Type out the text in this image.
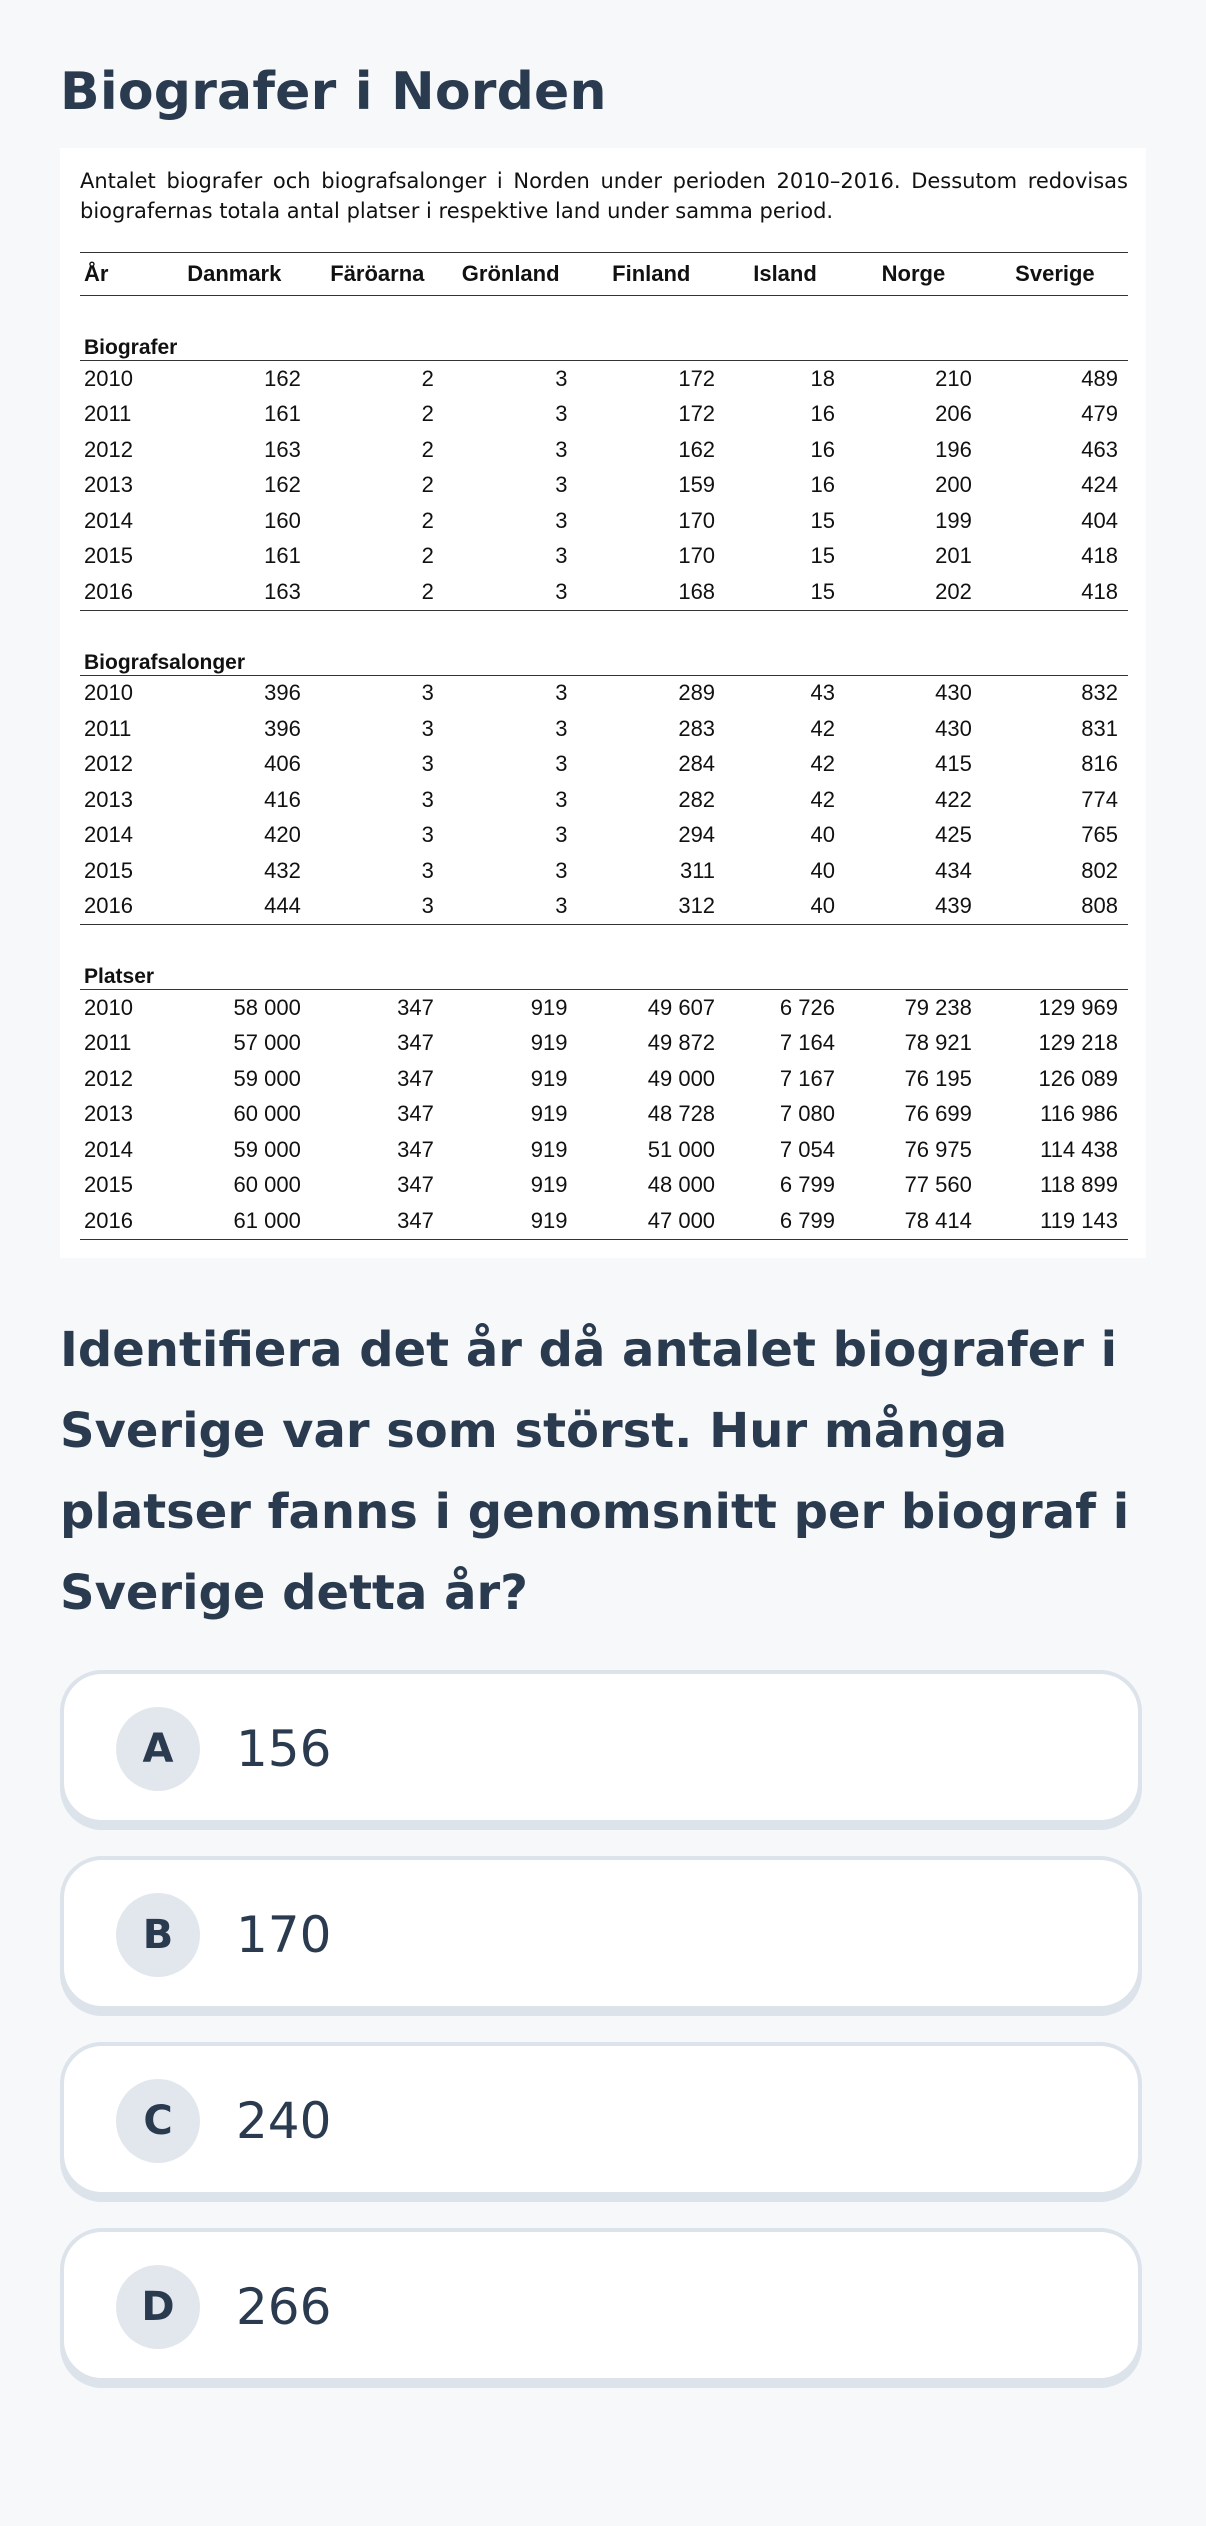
Biografer i Norden
Antalet biografer och biografsalonger i Norden under perioden 2010–2016. Dessutom redovisas biografernas totala antal platser i respektive land under samma period.
År	Danmark	Färöarna	Grönland	Finland	Island	Norge	Sverige

Biografer							
2010	162	2	3	172	18	210	489
2011	161	2	3	172	16	206	479
2012	163	2	3	162	16	196	463
2013	162	2	3	159	16	200	424
2014	160	2	3	170	15	199	404
2015	161	2	3	170	15	201	418
2016	163	2	3	168	15	202	418

Biografsalonger							
2010	396	3	3	289	43	430	832
2011	396	3	3	283	42	430	831
2012	406	3	3	284	42	415	816
2013	416	3	3	282	42	422	774
2014	420	3	3	294	40	425	765
2015	432	3	3	311	40	434	802
2016	444	3	3	312	40	439	808

Platser							
2010	58 000	347	919	49 607	6 726	79 238	129 969
2011	57 000	347	919	49 872	7 164	78 921	129 218
2012	59 000	347	919	49 000	7 167	76 195	126 089
2013	60 000	347	919	48 728	7 080	76 699	116 986
2014	59 000	347	919	51 000	7 054	76 975	114 438
2015	60 000	347	919	48 000	6 799	77 560	118 899
2016	61 000	347	919	47 000	6 799	78 414	119 143

Identifiera det år då antalet biografer i Sverige var som störst. Hur många platser fanns i genomsnitt per biograf i Sverige detta år?

A	156
B	170
C	240
D	266
